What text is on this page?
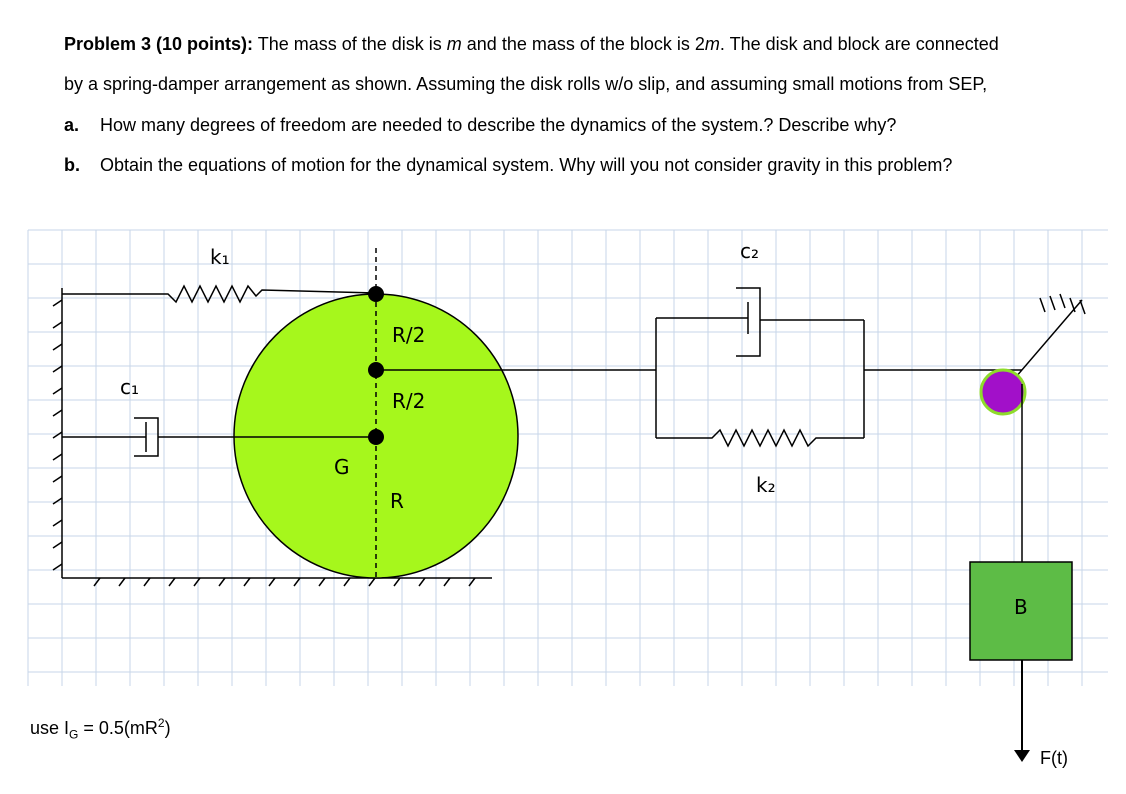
Problem 3 (10 points): The mass of the disk is m and the mass of the block is 2m. The disk and block are connected
by a spring-damper arrangement as shown. Assuming the disk rolls w/o slip, and assuming small motions from SEP,
a. How many degrees of freedom are needed to describe the dynamics of the system.? Describe why?
b. Obtain the equations of motion for the dynamical system. Why will you not consider gravity in this problem?
k₁
c₁
c₂
k₂
G
R/2
R/2
R
B
use $I_G = 0.5(mR^2)$
F(t)
